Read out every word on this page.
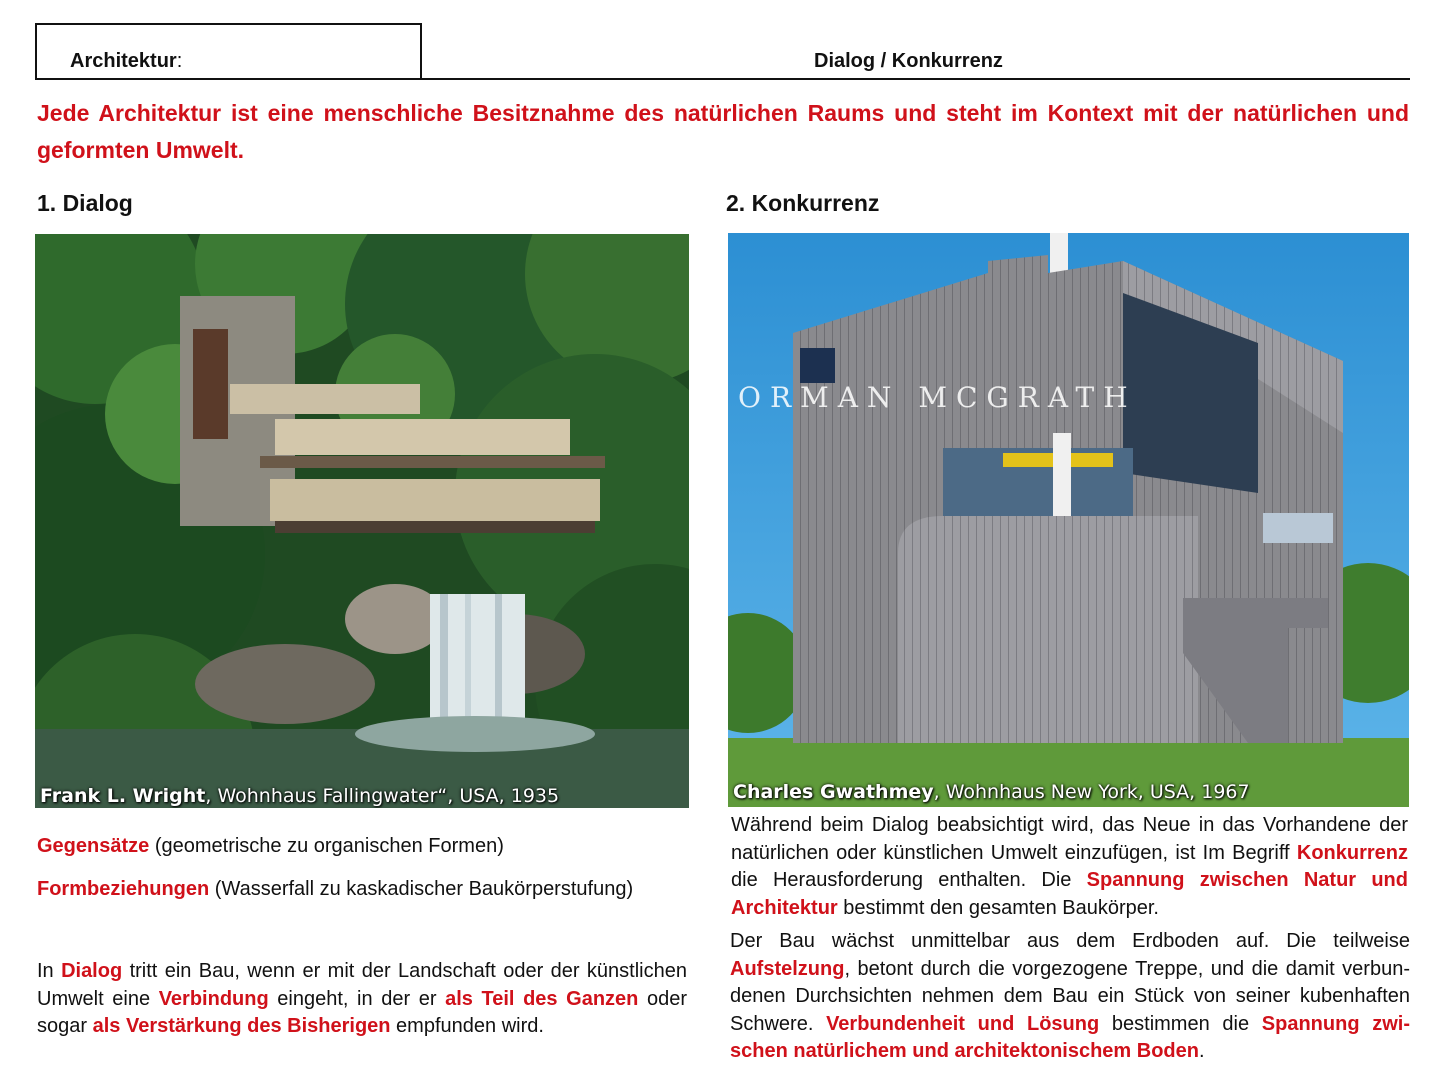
Architektur:	Dialog / Konkurrenz
Jede Architektur ist eine menschliche Besitznahme des natürlichen Raums und steht im Kontext mit der natürlichen und geformten Umwelt.
1. Dialog	2. Konkurrenz
Frank L. Wright, Wohnhaus Fallingwater“, USA, 1935
ORMAN MCGRATH
Charles Gwathmey, Wohnhaus New York, USA, 1967

Gegensätze (geometrische zu organischen Formen)

Formbeziehungen (Wasserfall zu kaskadischer Baukörperstufung)

In Dialog tritt ein Bau, wenn er mit der Landschaft oder der künstlichen Umwelt eine Verbindung eingeht, in der er als Teil des Ganzen oder sogar als Verstärkung des Bisherigen empfunden wird.

Während beim Dialog beabsichtigt wird, das Neue in das Vorhandene der natürlichen oder künstlichen Umwelt einzufügen, ist Im Begriff Konkurrenz die Herausforderung enthalten. Die Spannung zwischen Natur und Architektur bestimmt den gesamten Baukörper.

Der Bau wächst unmittelbar aus dem Erdboden auf. Die teilweise Aufstelzung, betont durch die vorgezogene Treppe, und die damit verbun-denen Durchsichten nehmen dem Bau ein Stück von seiner kubenhaften Schwere. Verbundenheit und Lösung bestimmen die Spannung zwi-schen natürlichem und architektonischem Boden.
